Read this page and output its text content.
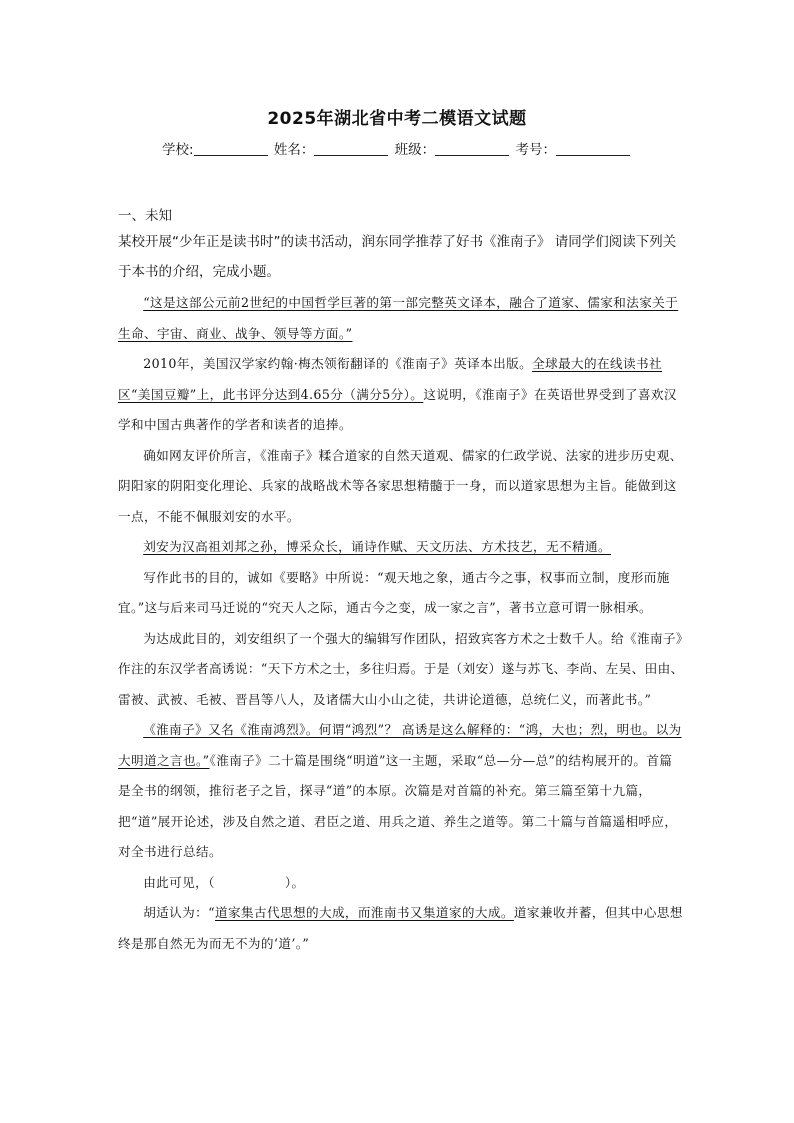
2025年湖北省中考二模语文试题
学校:	姓名：	班级：	考号：
一、未知
某校开展“少年正是读书时”的读书活动，润东同学推荐了好书《淮南子》 请同学们阅读下列关于本书的介绍，完成小题。

“这是这部公元前2世纪的中国哲学巨著的第一部完整英文译本，融合了道家、儒家和法家关于生命、宇宙、商业、战争、领导等方面。”

2010年，美国汉学家约翰·梅杰领衔翻译的《淮南子》英译本出版。全球最大的在线读书社区“美国豆瓣”上，此书评分达到4.65分（满分5分）。这说明，《淮南子》在英语世界受到了喜欢汉学和中国古典著作的学者和读者的追捧。

确如网友评价所言，《淮南子》糅合道家的自然天道观、儒家的仁政学说、法家的进步历史观、阴阳家的阴阳变化理论、兵家的战略战术等各家思想精髓于一身，而以道家思想为主旨。能做到这一点，不能不佩服刘安的水平。

刘安为汉高祖刘邦之孙，博采众长，诵诗作赋、天文历法、方术技艺，无不精通。

写作此书的目的，诚如《要略》中所说：“观天地之象，通古今之事，权事而立制，度形而施宜。”这与后来司马迁说的“究天人之际，通古今之变，成一家之言”，著书立意可谓一脉相承。

为达成此目的，刘安组织了一个强大的编辑写作团队，招致宾客方术之士数千人。给《淮南子》作注的东汉学者高诱说：“天下方术之士，多往归焉。于是（刘安）遂与苏飞、李尚、左吴、田由、雷被、武被、毛被、晋昌等八人，及诸儒大山小山之徒，共讲论道德，总统仁义，而著此书。”

《淮南子》又名《淮南鸿烈》。何谓“鸿烈”？ 高诱是这么解释的：“鸿，大也；烈，明也。以为大明道之言也。”《淮南子》二十篇是围绕“明道”这一主题，采取“总—分—总”的结构展开的。首篇是全书的纲领，推衍老子之旨，探寻“道”的本原。次篇是对首篇的补充。第三篇至第十九篇，把“道”展开论述，涉及自然之道、君臣之道、用兵之道、养生之道等。第二十篇与首篇遥相呼应，对全书进行总结。

由此可见，（	）。

胡适认为：“道家集古代思想的大成，而淮南书又集道家的大成。道家兼收并蓄，但其中心思想终是那自然无为而无不为的‘道’。”
